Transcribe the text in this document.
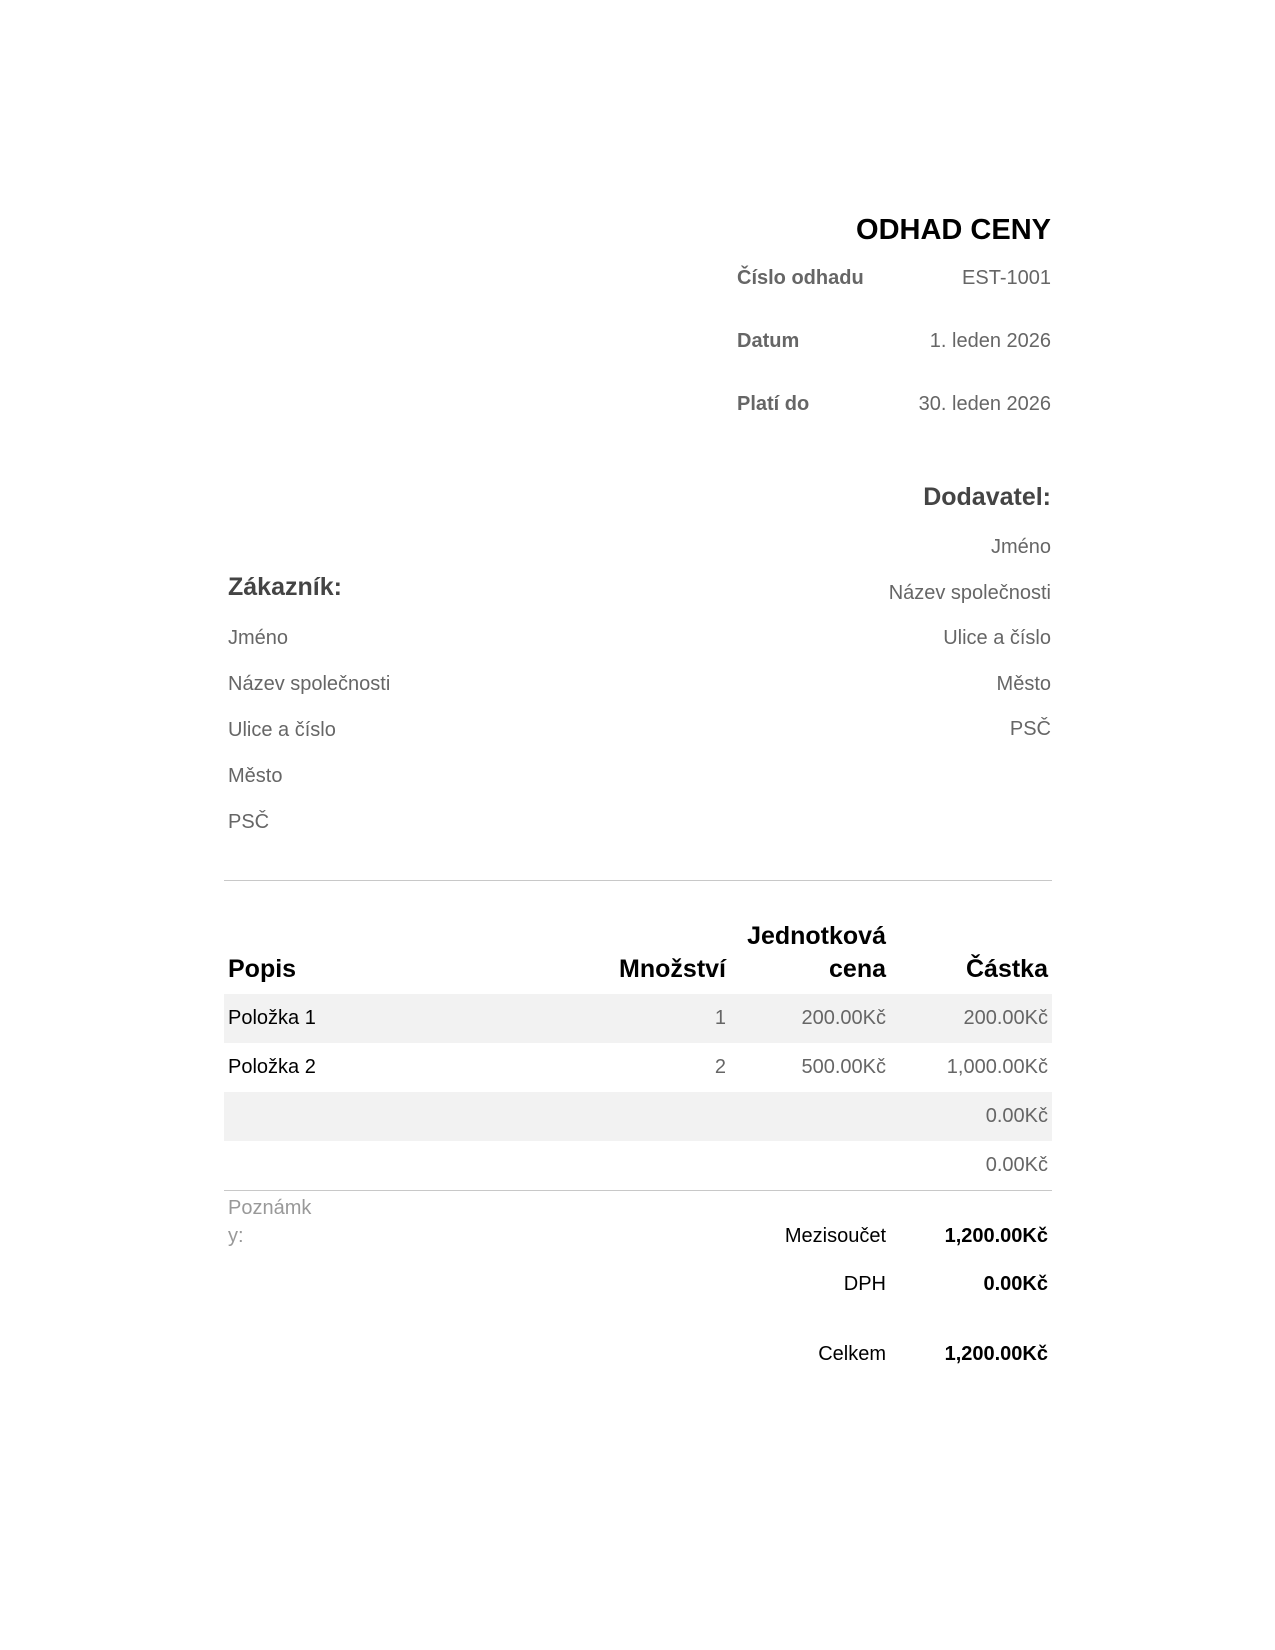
ODHAD CENY
Číslo odhadu	EST-1001
Datum	1. leden 2026
Platí do	30. leden 2026
Dodavatel:
Jméno
Název společnosti
Ulice a číslo
Město
PSČ
Zákazník:
Jméno
Název společnosti
Ulice a číslo
Město
PSČ
Popis	Množství	Jednotková cena	Částka
Položka 1	1	200.00Kč	200.00Kč
Položka 2	2	500.00Kč	1,000.00Kč
			0.00Kč
			0.00Kč
Poznámky:	Mezisoučet	1,200.00Kč
DPH	0.00Kč

Celkem	1,200.00Kč
